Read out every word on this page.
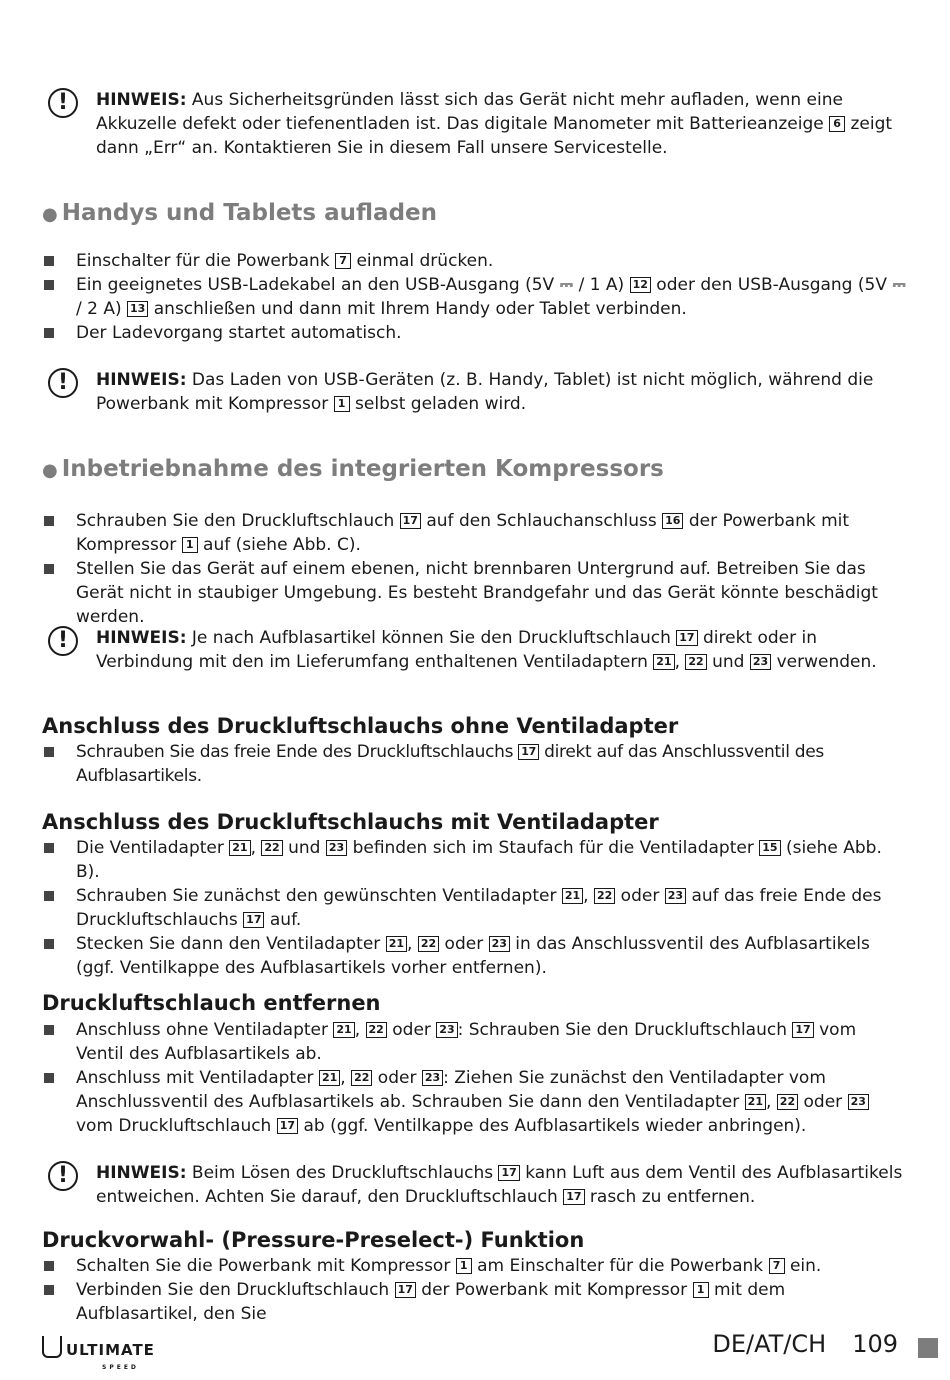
!	HINWEIS: Aus Sicherheitsgründen lässt sich das Gerät nicht mehr aufladen, wenn eine Akkuzelle defekt oder tiefenentladen ist. Das digitale Manometer mit Batterieanzeige 6 zeigt dann „Err“ an. Kontaktieren Sie in diesem Fall unsere Servicestelle.
● Handys und Tablets aufladen
Einschalter für die Powerbank 7 einmal drücken.
Ein geeignetes USB-Ladekabel an den USB-Ausgang (5V ⎓ / 1 A) 12 oder den USB-Ausgang (5V ⎓ / 2 A) 13 anschließen und dann mit Ihrem Handy oder Tablet verbinden.
Der Ladevorgang startet automatisch.
!	HINWEIS: Das Laden von USB-Geräten (z. B. Handy, Tablet) ist nicht möglich, während die Powerbank mit Kompressor 1 selbst geladen wird.
● Inbetriebnahme des integrierten Kompressors
Schrauben Sie den Druckluftschlauch 17 auf den Schlauchanschluss 16 der Powerbank mit Kompressor 1 auf (siehe Abb. C).
Stellen Sie das Gerät auf einem ebenen, nicht brennbaren Untergrund auf. Betreiben Sie das Gerät nicht in staubiger Umgebung. Es besteht Brandgefahr und das Gerät könnte beschädigt werden.
!	HINWEIS: Je nach Aufblasartikel können Sie den Druckluftschlauch 17 direkt oder in Verbindung mit den im Lieferumfang enthaltenen Ventiladaptern 21 , 22 und 23 verwenden.
Anschluss des Druckluftschlauchs ohne Ventiladapter
Schrauben Sie das freie Ende des Druckluftschlauchs 17 direkt auf das Anschlussventil des Aufblasartikels.
Anschluss des Druckluftschlauchs mit Ventiladapter
Die Ventiladapter 21 , 22 und 23 befinden sich im Staufach für die Ventiladapter 15 (siehe Abb. B).
Schrauben Sie zunächst den gewünschten Ventiladapter 21 , 22 oder 23 auf das freie Ende des Druckluftschlauchs 17 auf.
Stecken Sie dann den Ventiladapter 21 , 22 oder 23 in das Anschlussventil des Aufblasartikels (ggf. Ventilkappe des Aufblasartikels vorher entfernen).
Druckluftschlauch entfernen
Anschluss ohne Ventiladapter 21 , 22 oder 23 : Schrauben Sie den Druckluftschlauch 17 vom Ventil des Aufblasartikels ab.
Anschluss mit Ventiladapter 21 , 22 oder 23 : Ziehen Sie zunächst den Ventiladapter vom Anschlussventil des Aufblasartikels ab. Schrauben Sie dann den Ventiladapter 21 , 22 oder 23 vom Druckluftschlauch 17 ab (ggf. Ventilkappe des Aufblasartikels wieder anbringen).
!	HINWEIS: Beim Lösen des Druckluftschlauchs 17 kann Luft aus dem Ventil des Aufblasartikels entweichen. Achten Sie darauf, den Druckluftschlauch 17 rasch zu entfernen.
Druckvorwahl- (Pressure-Preselect-) Funktion
Schalten Sie die Powerbank mit Kompressor 1 am Einschalter für die Powerbank 7 ein.
Verbinden Sie den Druckluftschlauch 17 der Powerbank mit Kompressor 1 mit dem Aufblasartikel, den Sie
ULTIMATE
SPEED
DE/AT/CH 109
